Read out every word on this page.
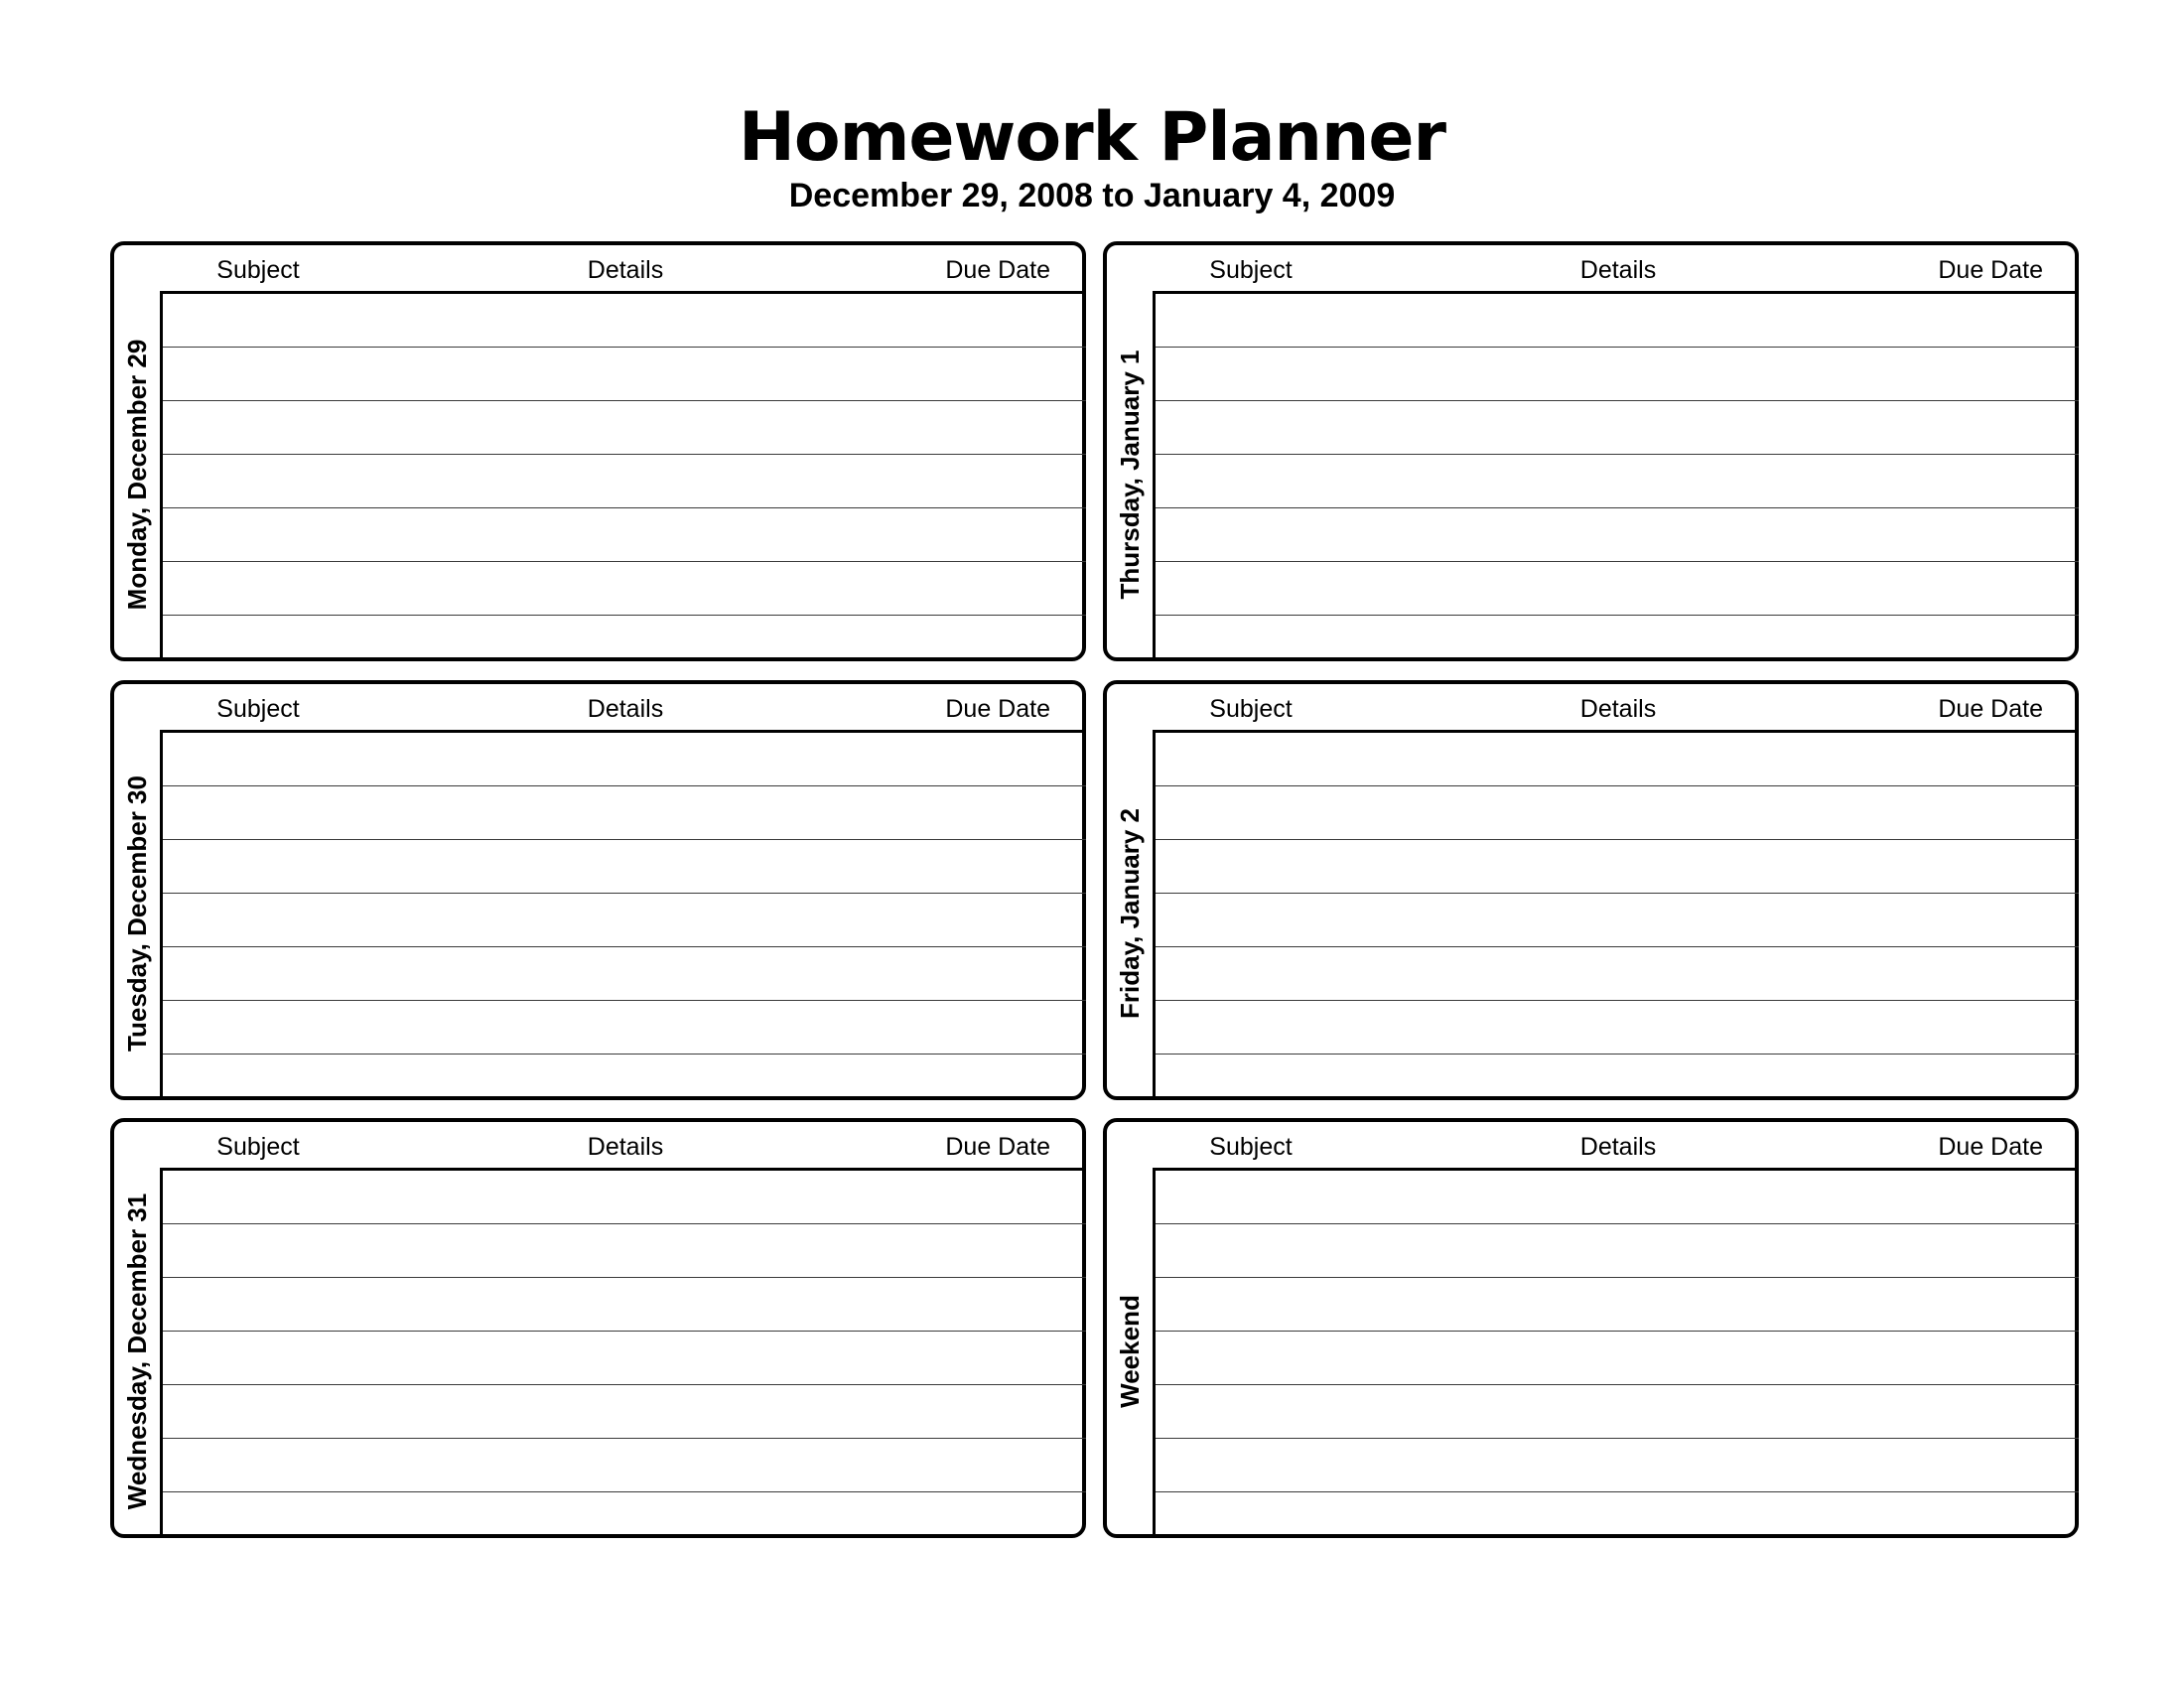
Homework Planner
December 29, 2008 to January 4, 2009
Subject	Details	Due Date
Monday, December 29
Subject	Details	Due Date
Thursday, January 1
Subject	Details	Due Date
Tuesday, December 30
Subject	Details	Due Date
Friday, January 2
Subject	Details	Due Date
Wednesday, December 31
Subject	Details	Due Date
Weekend
